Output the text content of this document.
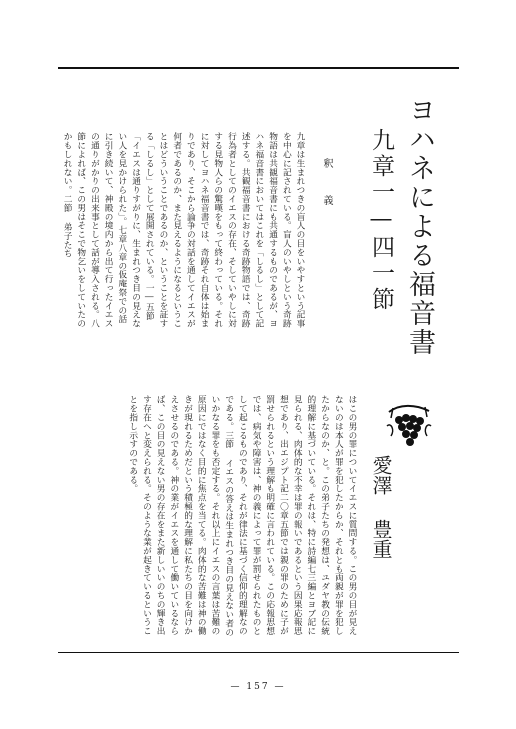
ヨハネによる福音書
九章一—四一節
釈 義
九章は生まれつきの盲人の目をいやすという記事を中心に記されている。盲人のいやしという奇跡物語は共観福音書にも共通するものであるが、ヨハネ福音書においてはこれを「しるし」として記述する。共観福音書における奇跡物語では、奇跡行為者としてのイエスの存在、そしていやしに対する見物人らの驚嘆をもって終わっている。それに対してヨハネ福音書では、奇跡それ自体は始まりであり、そこから論争の対話を通してイエスが何者であるのか、また見えるようになるということはどういうことであるのか、ということを証する「しるし」として展開されている。一―五節 「イエスは通りすがりに、生まれつき目の見えない人を見かけられた」。七章八章の仮庵祭での話に引き続いて、神殿の境内から出て行ったイエスの通りがかりの出来事として話が導入される。八節によれば、この男はそこで物乞いをしていたのかもしれない。二節 弟子たち
愛澤 豊重
はこの男の罪についてイエスに質問する。この男の目が見えないのは本人が罪を犯したからか、それとも両親が罪を犯したからなのか、と。この弟子たちの発想は、ユダヤ教の伝統的理解に基づいている。それは、特に詩編七三編とヨブ記に見られる、肉体的な不幸は罪の報いであるという因果応報思想であり、出エジプト記二〇章五節では親の罪のために子が罰せられるという理解も明確に言われている。この応報思想では、病気や障害は、神の義によって罪が罰せられたものとして起こるものであり、それが律法に基づく信仰的理解なのである。三節 イエスの答えは生まれつき目の見えない者のいかなる罪をも否定する。それ以上にイエスの言葉は苦難の原因にではなく目的に焦点を当てる。肉体的な苦難は神の働きが現れるためだという積極的な理解に私たちの目を向けかえさせるのである。神の業がイエスを通して働いているならば、この目の見えない男の存在をまた新しいいのちの輝き出す存在へと変えられる。そのような業が起きているということを指し示すのである。
— 157 —
